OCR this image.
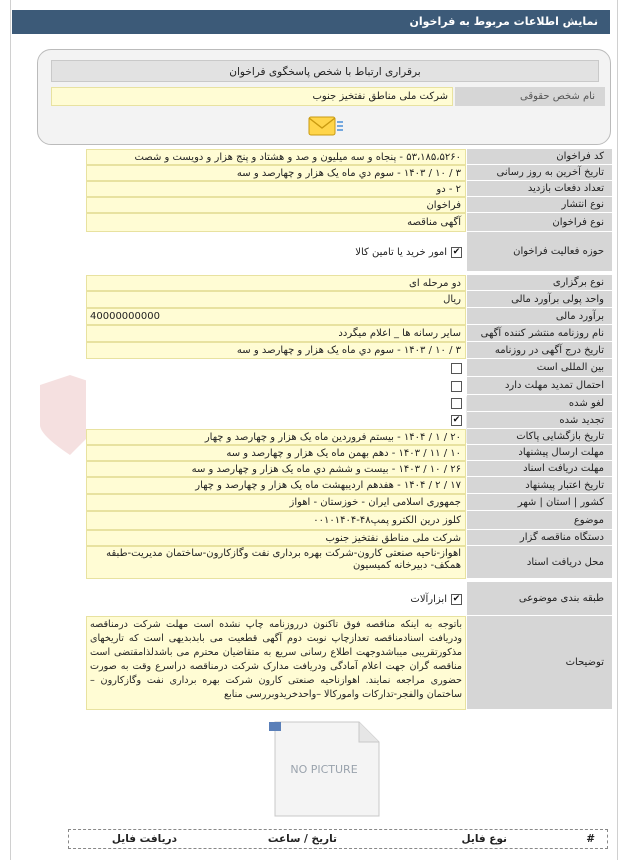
نمایش اطلاعات مربوط به فراخوان
برقراری ارتباط با شخص پاسخگوی فراخوان
نام شخص حقوقی
شرکت ملی مناطق نفتخیز جنوب
کد فراخوان
۵۳،۱۸۵،۵۲۶۰ - پنجاه و سه میلیون و صد و هشتاد و پنج هزار و دویست و شصت
تاریخ آخرین به روز رسانی
۳ / ۱۰ / ۱۴۰۳ - سوم دي ماه یک هزار و چهارصد و سه
تعداد دفعات بازدید
۲ - دو
نوع انتشار
فراخوان
نوع فراخوان
آگهی مناقصه
حوزه فعالیت فراخوان
✔
امور خرید یا تامین کالا
نوع برگزاری
دو مرحله ای
واحد پولی برآورد مالی
ریال
برآورد مالی
40000000000
نام روزنامه منتشر کننده آگهی
سایر رسانه ها _ اعلام میگردد
تاریخ درج آگهی در روزنامه
۳ / ۱۰ / ۱۴۰۳ - سوم دي ماه یک هزار و چهارصد و سه
بین المللی است
احتمال تمدید مهلت دارد
لغو شده
تجدید شده
✔
تاریخ بازگشایی پاکات
۲۰ / ۱ / ۱۴۰۴ - بیستم فروردین ماه یک هزار و چهارصد و چهار
مهلت ارسال پیشنهاد
۱۰ / ۱۱ / ۱۴۰۳ - دهم بهمن ماه یک هزار و چهارصد و سه
مهلت دریافت اسناد
۲۶ / ۱۰ / ۱۴۰۳ - بیست و ششم دي ماه یک هزار و چهارصد و سه
تاریخ اعتبار پیشنهاد
۱۷ / ۲ / ۱۴۰۴ - هفدهم اردیبهشت ماه یک هزار و چهارصد و چهار
کشور | استان | شهر
جمهوری اسلامی ایران - خوزستان - اهواز
موضوع
کلوز درین الکترو پمپ۴۸-۰۰۱۰۱۴۰۴
دستگاه مناقصه گزار
شرکت ملی مناطق نفتخیز جنوب
محل دریافت اسناد
اهواز-ناحیه صنعتی کارون-شرکت بهره برداری نفت وگازکارون-ساختمان مدیریت-طبقه همکف- دبیرخانه کمیسیون
طبقه بندی موضوعی
✔
ابزارآلات
توضیحات
باتوجه به اینکه مناقصه فوق تاکنون درروزنامه چاپ نشده است مهلت شرکت درمناقصه ودریافت اسنادمناقصه تعدازچاپ نوبت دوم آگهی قطعیت می بابدبدیهی است که تاریخهای مذکورتقریبی میباشدوجهت اطلاع رسانی سریع به متقاضیان محترم می باشدلذامقتضی است مناقصه گران جهت اعلام آمادگی ودریافت مدارک شرکت درمناقصه دراسرع وقت به صورت حضوری مراجعه نمایند. اهوازناحیه صنعتی کارون شرکت بهره برداری نفت وگازکارون –ساختمان والفجر-تداركات وامورکالا –واحدخریدوبررسی منابع
NO PICTURE
#
نوع فایل
تاریخ / ساعت
دریافت فایل
